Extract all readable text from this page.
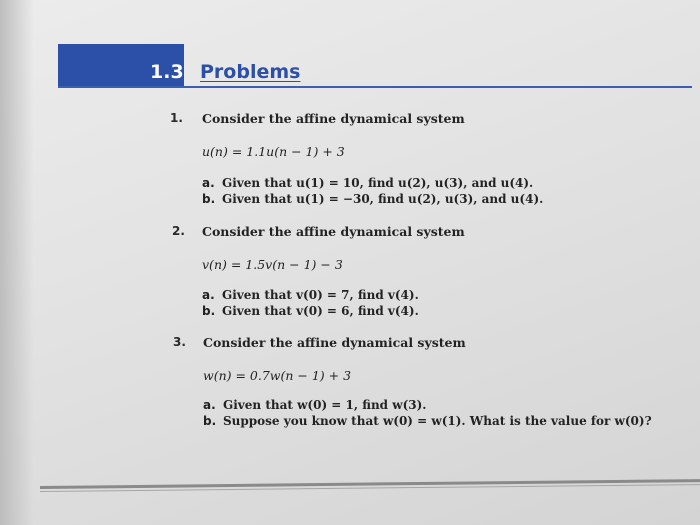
1.3 Problems
1. Consider the affine dynamical system
u(n) = 1.1u(n − 1) + 3
a. Given that u(1) = 10, find u(2), u(3), and u(4).
b. Given that u(1) = −30, find u(2), u(3), and u(4).
2. Consider the affine dynamical system
v(n) = 1.5v(n − 1) − 3
a. Given that v(0) = 7, find v(4).
b. Given that v(0) = 6, find v(4).
3. Consider the affine dynamical system
w(n) = 0.7w(n − 1) + 3
a. Given that w(0) = 1, find w(3).
b. Suppose you know that w(0) = w(1). What is the value for w(0)?
